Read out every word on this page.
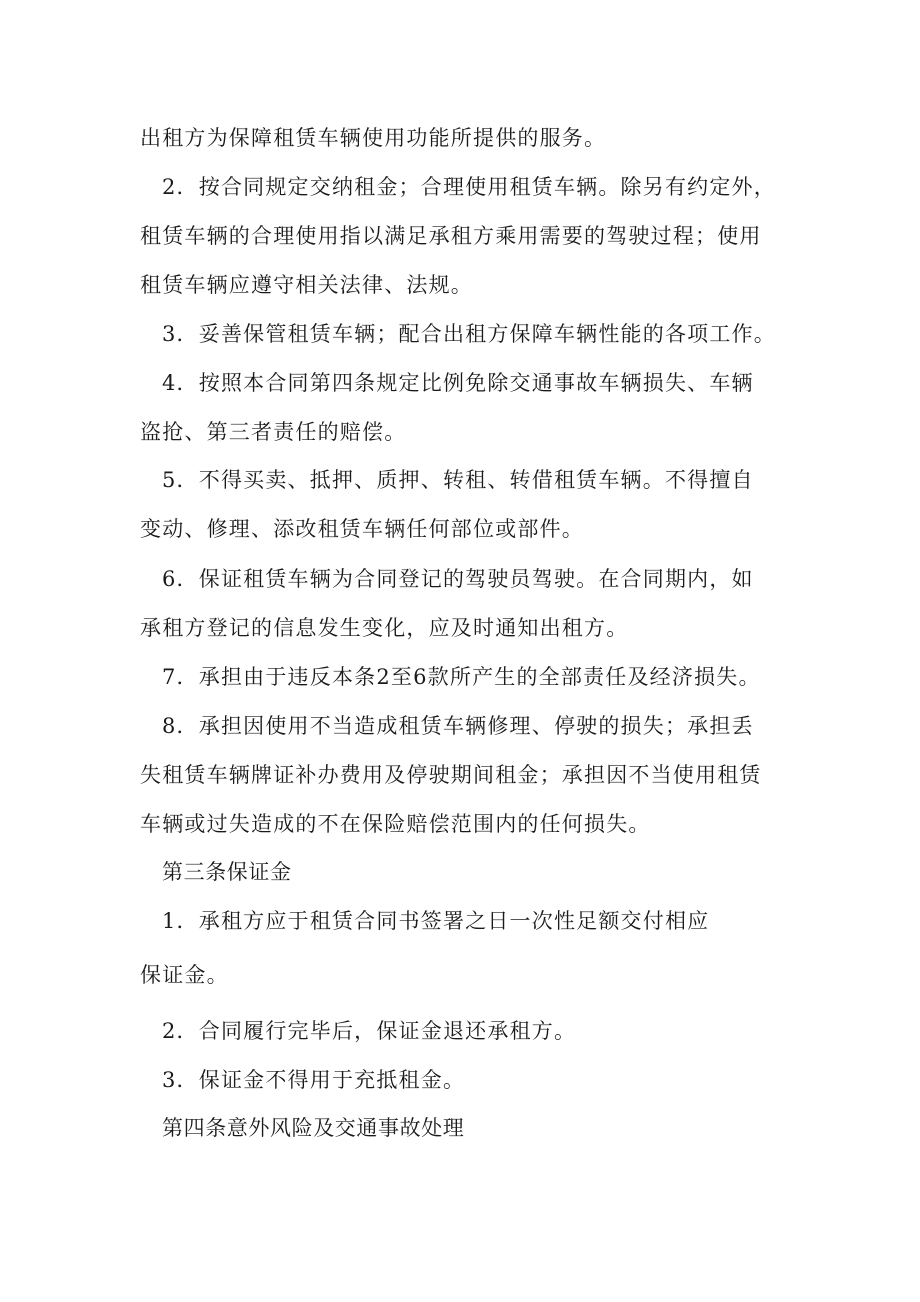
出租方为保障租赁车辆使用功能所提供的服务。
2．按合同规定交纳租金；合理使用租赁车辆。除另有约定外，
租赁车辆的合理使用指以满足承租方乘用需要的驾驶过程；使用
租赁车辆应遵守相关法律、法规。
3．妥善保管租赁车辆；配合出租方保障车辆性能的各项工作。
4．按照本合同第四条规定比例免除交通事故车辆损失、车辆
盗抢、第三者责任的赔偿。
5．不得买卖、抵押、质押、转租、转借租赁车辆。不得擅自
变动、修理、添改租赁车辆任何部位或部件。
6．保证租赁车辆为合同登记的驾驶员驾驶。在合同期内，如
承租方登记的信息发生变化，应及时通知出租方。
7．承担由于违反本条2至6款所产生的全部责任及经济损失。
8．承担因使用不当造成租赁车辆修理、停驶的损失；承担丢
失租赁车辆牌证补办费用及停驶期间租金；承担因不当使用租赁
车辆或过失造成的不在保险赔偿范围内的任何损失。
第三条保证金
1．承租方应于租赁合同书签署之日一次性足额交付相应
保证金。
2．合同履行完毕后，保证金退还承租方。
3．保证金不得用于充抵租金。
第四条意外风险及交通事故处理
